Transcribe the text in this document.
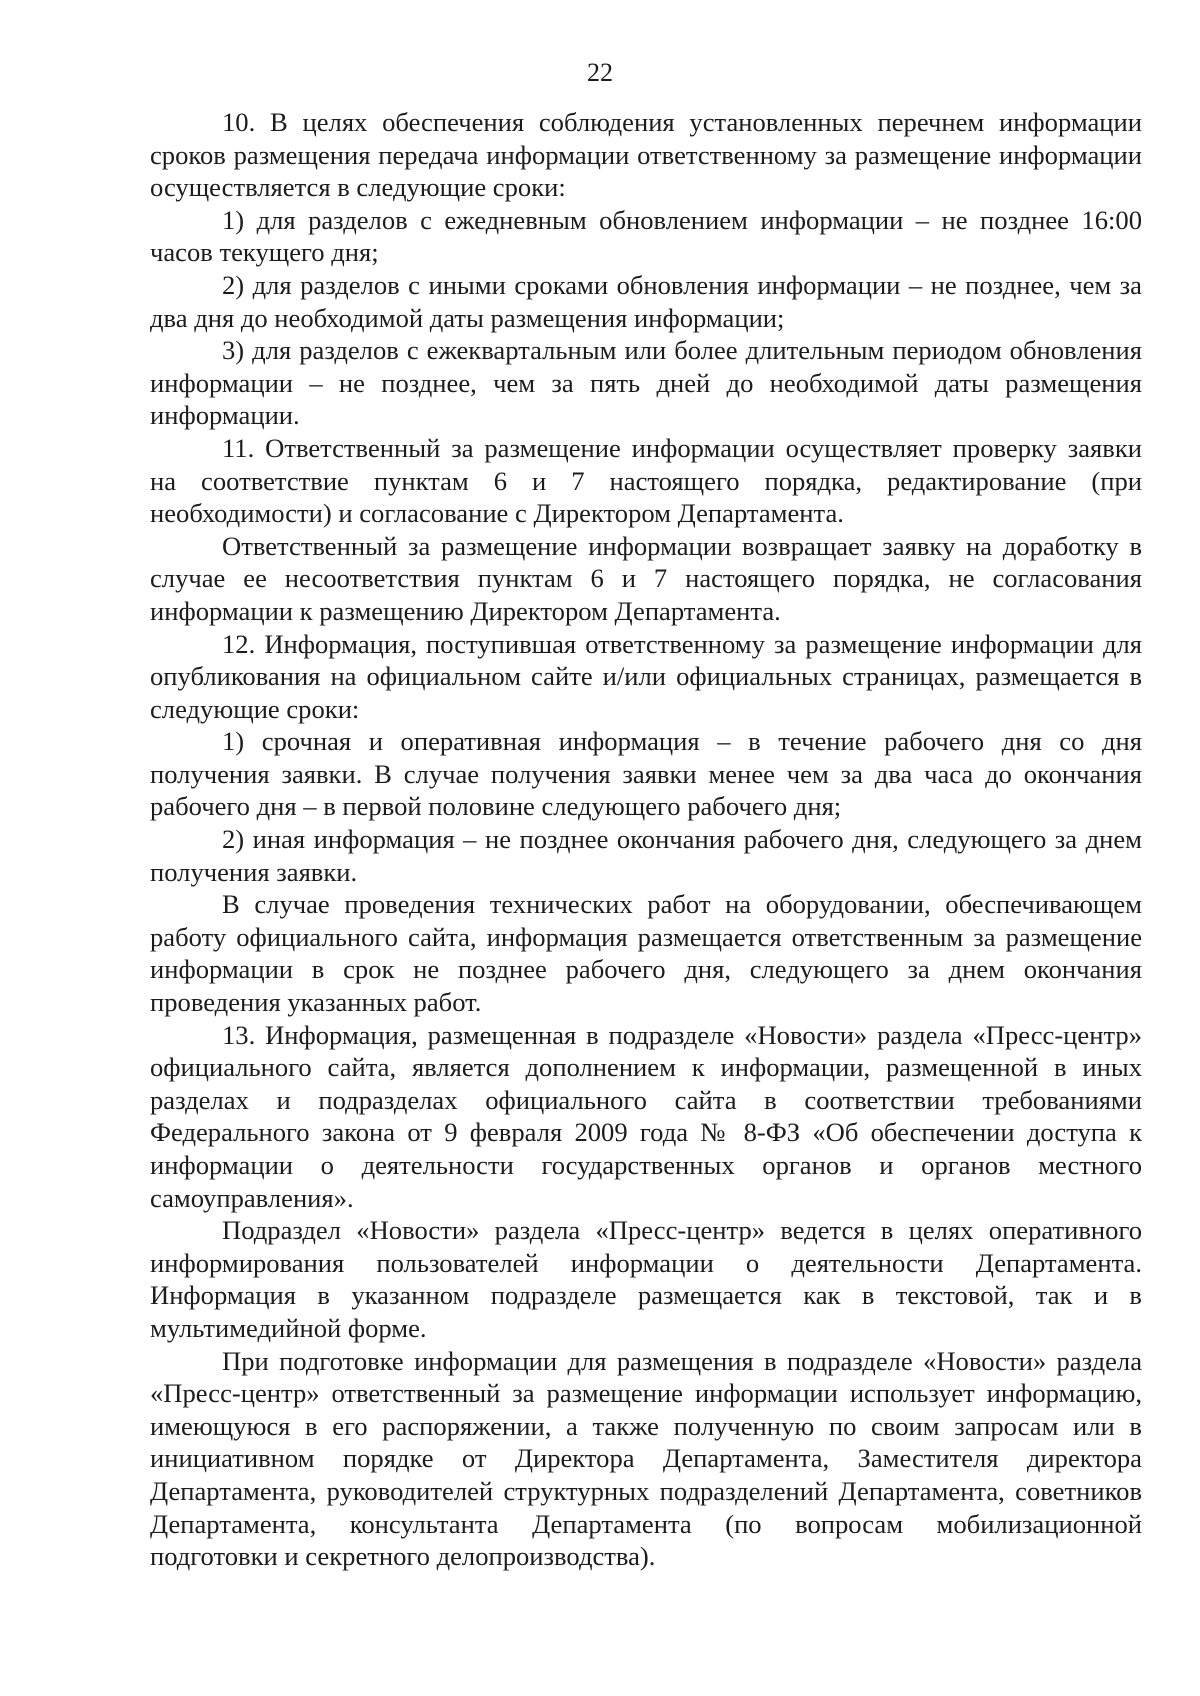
22

10. В целях обеспечения соблюдения установленных перечнем информации сроков размещения передача информации ответственному за размещение информации осуществляется в следующие сроки:

1) для разделов с ежедневным обновлением информации – не позднее 16:00 часов текущего дня;

2) для разделов с иными сроками обновления информации – не позднее, чем за два дня до необходимой даты размещения информации;

3) для разделов с ежеквартальным или более длительным периодом обновления информации – не позднее, чем за пять дней до необходимой даты размещения информации.

11. Ответственный за размещение информации осуществляет проверку заявки на соответствие пунктам 6 и 7 настоящего порядка, редактирование (при необходимости) и согласование с Директором Департамента.

Ответственный за размещение информации возвращает заявку на доработку в случае ее несоответствия пунктам 6 и 7 настоящего порядка, не согласования информации к размещению Директором Департамента.

12. Информация, поступившая ответственному за размещение информации для опубликования на официальном сайте и/или официальных страницах, размещается в следующие сроки:

1) срочная и оперативная информация – в течение рабочего дня со дня получения заявки. В случае получения заявки менее чем за два часа до окончания рабочего дня – в первой половине следующего рабочего дня;

2) иная информация – не позднее окончания рабочего дня, следующего за днем получения заявки.

В случае проведения технических работ на оборудовании, обеспечивающем работу официального сайта, информация размещается ответственным за размещение информации в срок не позднее рабочего дня, следующего за днем окончания проведения указанных работ.

13. Информация, размещенная в подразделе «Новости» раздела «Пресс-центр» официального сайта, является дополнением к информации, размещенной в иных разделах и подразделах официального сайта в соответствии требованиями Федерального закона от 9 февраля 2009 года № 8-ФЗ «Об обеспечении доступа к информации о деятельности государственных органов и органов местного самоуправления».

Подраздел «Новости» раздела «Пресс-центр» ведется в целях оперативного информирования пользователей информации о деятельности Департамента. Информация в указанном подразделе размещается как в текстовой, так и в мультимедийной форме.

При подготовке информации для размещения в подразделе «Новости» раздела «Пресс-центр» ответственный за размещение информации использует информацию, имеющуюся в его распоряжении, а также полученную по своим запросам или в инициативном порядке от Директора Департамента, Заместителя директора Департамента, руководителей структурных подразделений Департамента, советников Департамента, консультанта Департамента (по вопросам мобилизационной подготовки и секретного делопроизводства).
